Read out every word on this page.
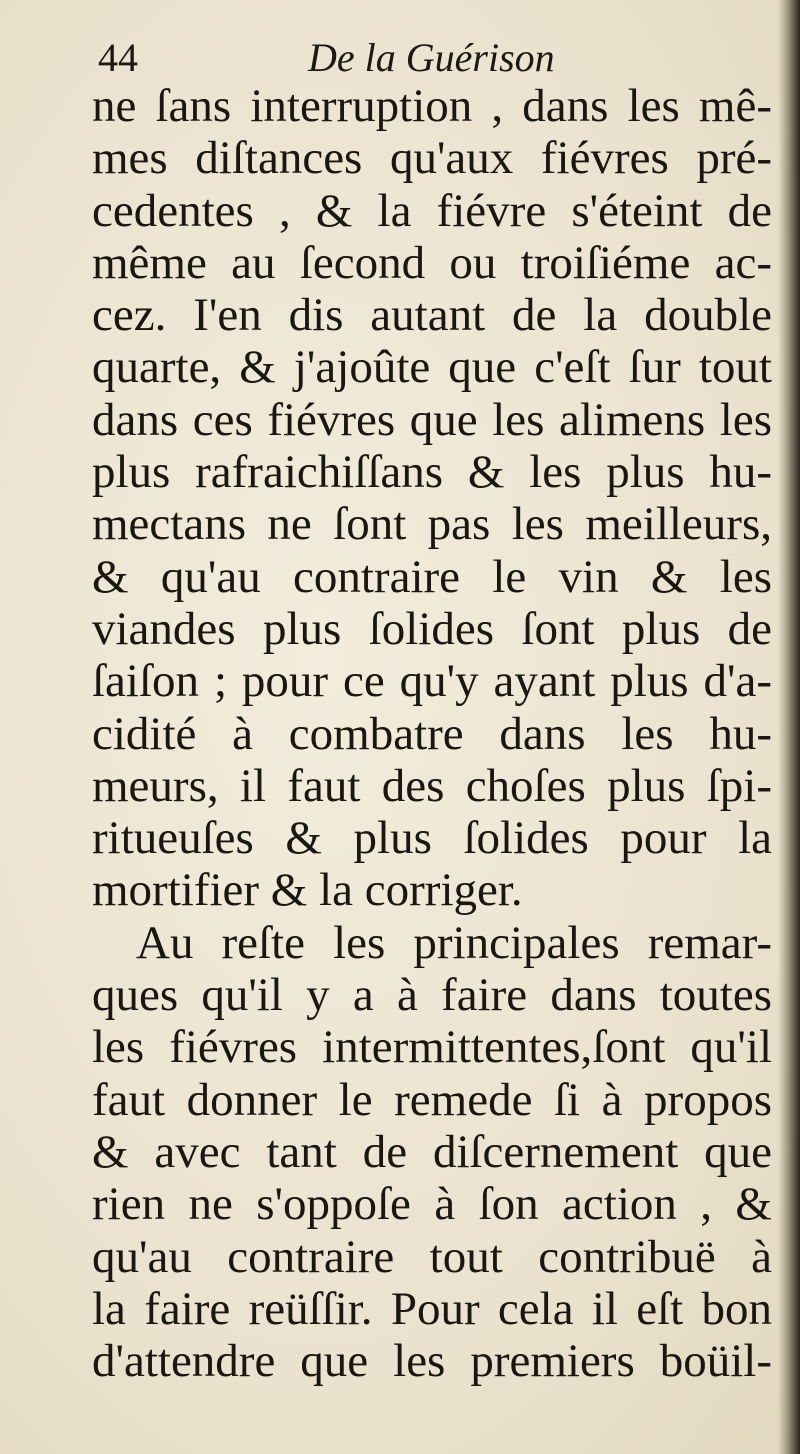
44	De la Guérison
ne ſans interruption , dans les mê-
mes diſtances qu'aux fiévres pré-
cedentes , & la fiévre s'éteint de
même au ſecond ou troiſiéme ac-
cez. I'en dis autant de la double
quarte, & j'ajoûte que c'eſt ſur tout
dans ces fiévres que les alimens les
plus rafraichiſſans & les plus hu-
mectans ne ſont pas les meilleurs,
& qu'au contraire le vin & les
viandes plus ſolides ſont plus de
ſaiſon ; pour ce qu'y ayant plus d'a-
cidité à combatre dans les hu-
meurs, il faut des choſes plus ſpi-
ritueuſes & plus ſolides pour la
mortifier & la corriger.
Au reſte les principales remar-
ques qu'il y a à faire dans toutes
les fiévres intermittentes,ſont qu'il
faut donner le remede ſi à propos
& avec tant de diſcernement que
rien ne s'oppoſe à ſon action , &
qu'au contraire tout contribuë à
la faire reüſſir. Pour cela il eſt bon
d'attendre que les premiers boüil-
